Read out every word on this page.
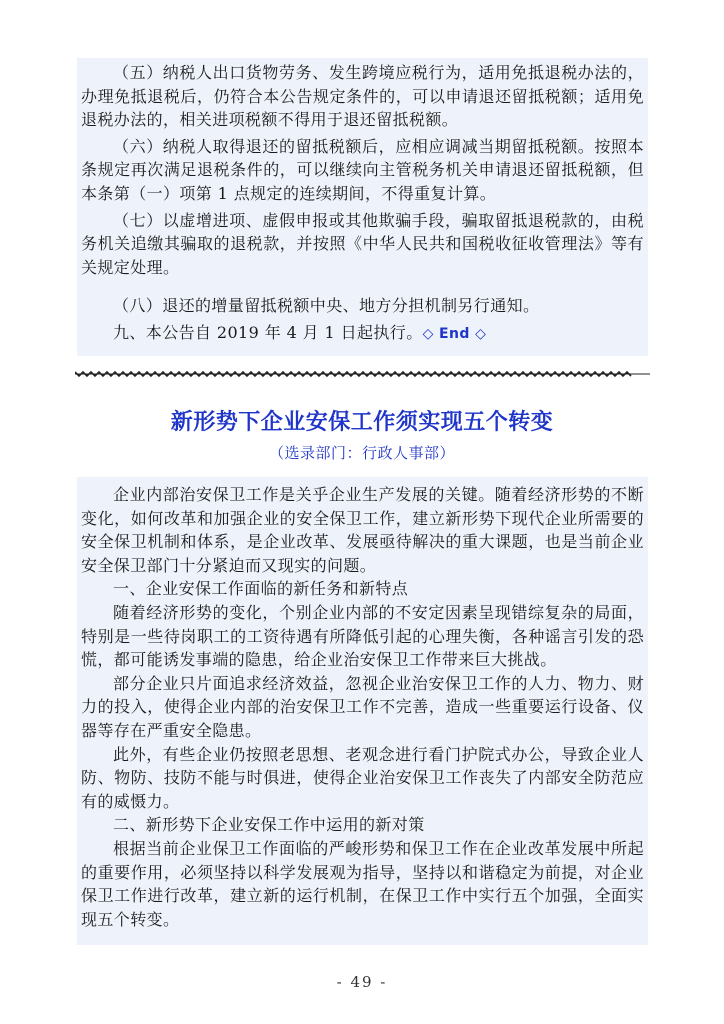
（五）纳税人出口货物劳务、发生跨境应税行为，适用免抵退税办法的，办理免抵退税后，仍符合本公告规定条件的，可以申请退还留抵税额；适用免退税办法的，相关进项税额不得用于退还留抵税额。

（六）纳税人取得退还的留抵税额后，应相应调减当期留抵税额。按照本条规定再次满足退税条件的，可以继续向主管税务机关申请退还留抵税额，但本条第（一）项第 1 点规定的连续期间，不得重复计算。

（七）以虚增进项、虚假申报或其他欺骗手段，骗取留抵退税款的，由税务机关追缴其骗取的退税款，并按照《中华人民共和国税收征收管理法》等有关规定处理。

（八）退还的增量留抵税额中央、地方分担机制另行通知。

九、本公告自 2019 年 4 月 1 日起执行。◇ End ◇

新形势下企业安保工作须实现五个转变

（选录部门：行政人事部）

企业内部治安保卫工作是关乎企业生产发展的关键。随着经济形势的不断变化，如何改革和加强企业的安全保卫工作，建立新形势下现代企业所需要的安全保卫机制和体系，是企业改革、发展亟待解决的重大课题，也是当前企业安全保卫部门十分紧迫而又现实的问题。

一、企业安保工作面临的新任务和新特点

随着经济形势的变化，个别企业内部的不安定因素呈现错综复杂的局面，特别是一些待岗职工的工资待遇有所降低引起的心理失衡，各种谣言引发的恐慌，都可能诱发事端的隐患，给企业治安保卫工作带来巨大挑战。

部分企业只片面追求经济效益，忽视企业治安保卫工作的人力、物力、财力的投入，使得企业内部的治安保卫工作不完善，造成一些重要运行设备、仪器等存在严重安全隐患。

此外，有些企业仍按照老思想、老观念进行看门护院式办公，导致企业人防、物防、技防不能与时俱进，使得企业治安保卫工作丧失了内部安全防范应有的威慑力。

二、新形势下企业安保工作中运用的新对策

根据当前企业保卫工作面临的严峻形势和保卫工作在企业改革发展中所起的重要作用，必须坚持以科学发展观为指导，坚持以和谐稳定为前提，对企业保卫工作进行改革，建立新的运行机制，在保卫工作中实行五个加强，全面实现五个转变。

- 49 -
